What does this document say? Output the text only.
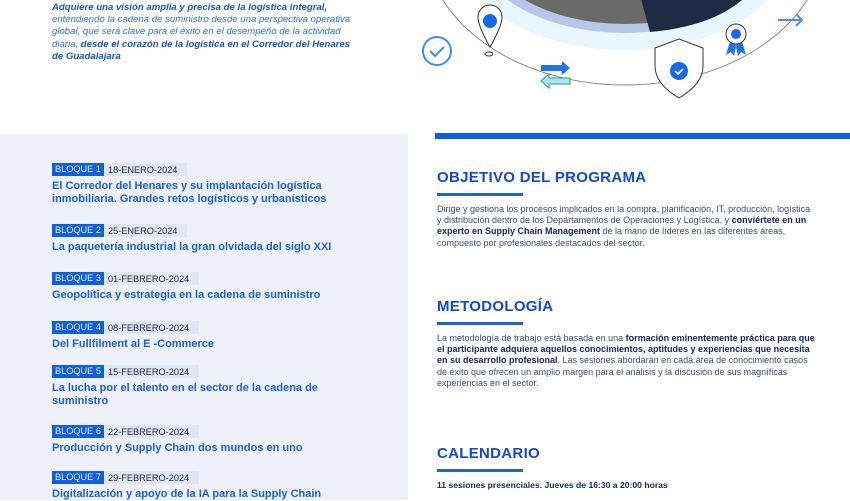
Adquiere una visión amplia y precisa de la logística integral, entendiendo la cadena de suministro desde una perspectiva operativa global, que será clave para el éxito en el desempeño de la actividad diaria, desde el corazón de la logística en el Corredor del Henares de Guadalajara
BLOQUE 1 18-ENERO-2024
El Corredor del Henares y su implantación logística inmobiliaria. Grandes retos logísticos y urbanísticos
BLOQUE 2 25-ENERO-2024
La paquetería industrial la gran olvidada del siglo XXI
BLOQUE 3 01-FEBRERO-2024
Geopolítica y estrategia en la cadena de suministro
BLOQUE 4 08-FEBRERO-2024
Del Fullfilment al E -Commerce
BLOQUE 5 15-FEBRERO-2024
La lucha por el talento en el sector de la cadena de suministro
BLOQUE 6 22-FEBRERO-2024
Producción y Supply Chain dos mundos en uno
BLOQUE 7 29-FEBRERO-2024
Digitalización y apoyo de la IA para la Supply Chain
OBJETIVO DEL PROGRAMA

Dirige y gestiona los procesos implicados en la compra, planificación, IT, producción, logística y distribución dentro de los Departamentos de Operaciones y Logística, y conviértete en un experto en Supply Chain Management de la mano de líderes en las diferentes áreas, compuesto por profesionales destacados del sector.

METODOLOGÍA

La metodología de trabajo está basada en una formación eminentemente práctica para que el participante adquiera aquellos conocimientos, aptitudes y experiencias que necesita en su desarrollo profesional. Las sesiones abordarán en cada área de conocimiento casos de éxito que ofrecen un amplio margen para el análisis y la discusión de sus magníficas experiencias en el sector.

CALENDARIO

11 sesiones presenciales. Jueves de 16:30 a 20:00 horas
